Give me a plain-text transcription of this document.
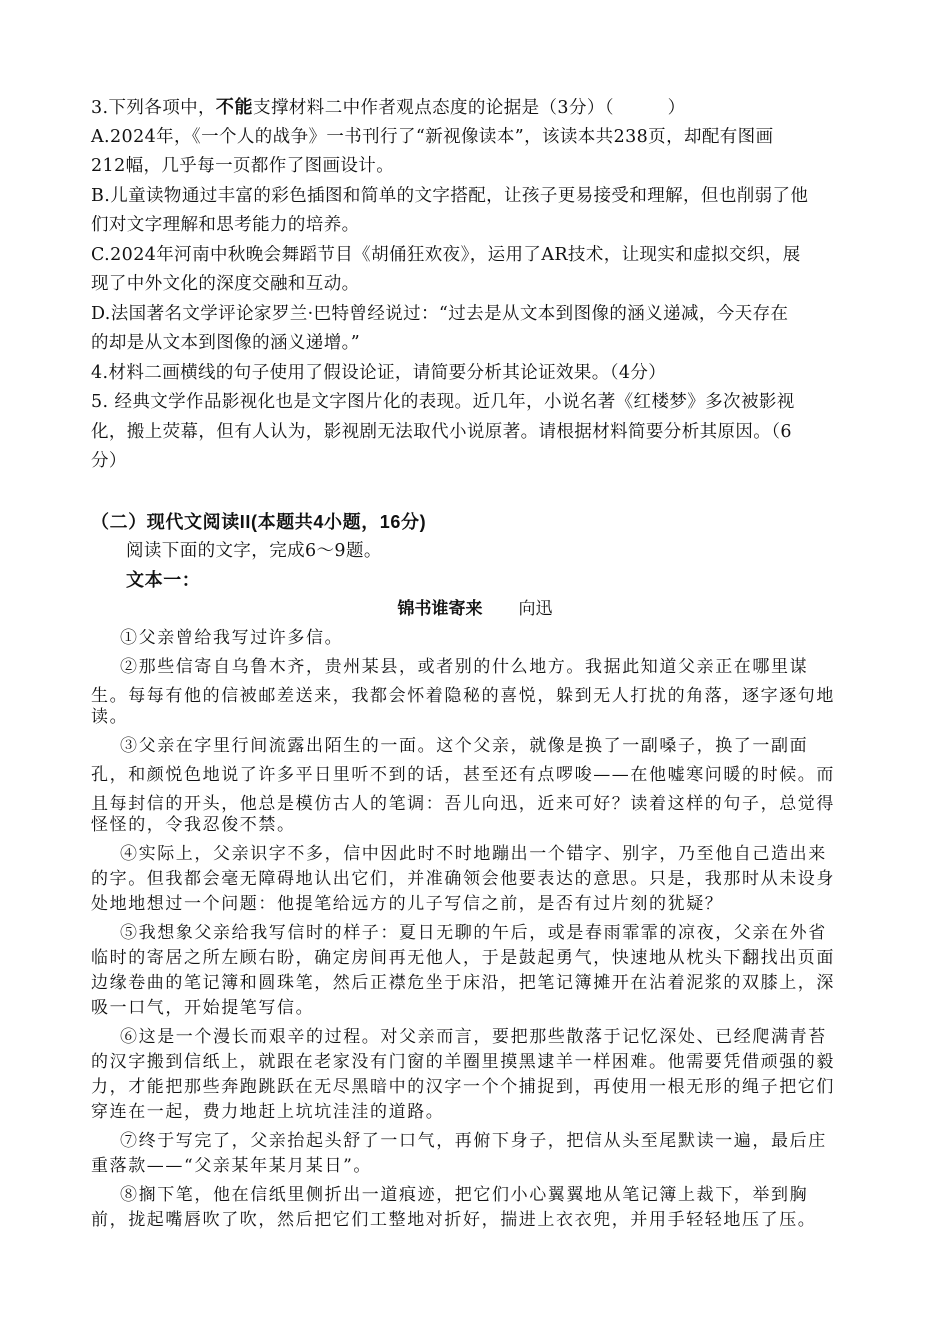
3.下列各项中，不能支撑材料二中作者观点态度的论据是（3分）（　　　）
A.2024年，《一个人的战争》一书刊行了“新视像读本”，该读本共238页，却配有图画
212幅，几乎每一页都作了图画设计。
B.儿童读物通过丰富的彩色插图和简单的文字搭配，让孩子更易接受和理解，但也削弱了他
们对文字理解和思考能力的培养。
C.2024年河南中秋晚会舞蹈节目《胡俑狂欢夜》，运用了AR技术，让现实和虚拟交织，展
现了中外文化的深度交融和互动。
D.法国著名文学评论家罗兰·巴特曾经说过：“过去是从文本到图像的涵义递减，今天存在
的却是从文本到图像的涵义递增。”
4.材料二画横线的句子使用了假设论证，请简要分析其论证效果。（4分）
5. 经典文学作品影视化也是文字图片化的表现。近几年，小说名著《红楼梦》多次被影视
化，搬上荧幕，但有人认为，影视剧无法取代小说原著。请根据材料简要分析其原因。（6
分）
（二）现代文阅读II(本题共4小题，16分)
阅读下面的文字，完成6～9题。
文本一：
锦书谁寄来 向迅
①父亲曾给我写过许多信。
②那些信寄自乌鲁木齐，贵州某县，或者别的什么地方。我据此知道父亲正在哪里谋
生。每每有他的信被邮差送来，我都会怀着隐秘的喜悦，躲到无人打扰的角落，逐字逐句地
读。
③父亲在字里行间流露出陌生的一面。这个父亲，就像是换了一副嗓子，换了一副面
孔，和颜悦色地说了许多平日里听不到的话，甚至还有点啰唆——在他嘘寒问暖的时候。而
且每封信的开头，他总是模仿古人的笔调：吾儿向迅，近来可好？读着这样的句子，总觉得
怪怪的，令我忍俊不禁。
④实际上，父亲识字不多，信中因此时不时地蹦出一个错字、别字，乃至他自己造出来
的字。但我都会毫无障碍地认出它们，并准确领会他要表达的意思。只是，我那时从未设身
处地地想过一个问题：他提笔给远方的儿子写信之前，是否有过片刻的犹疑？
⑤我想象父亲给我写信时的样子：夏日无聊的午后，或是春雨霏霏的凉夜，父亲在外省
临时的寄居之所左顾右盼，确定房间再无他人，于是鼓起勇气，快速地从枕头下翻找出页面
边缘卷曲的笔记簿和圆珠笔，然后正襟危坐于床沿，把笔记簿摊开在沾着泥浆的双膝上，深
吸一口气，开始提笔写信。
⑥这是一个漫长而艰辛的过程。对父亲而言，要把那些散落于记忆深处、已经爬满青苔
的汉字搬到信纸上，就跟在老家没有门窗的羊圈里摸黑逮羊一样困难。他需要凭借顽强的毅
力，才能把那些奔跑跳跃在无尽黑暗中的汉字一个个捕捉到，再使用一根无形的绳子把它们
穿连在一起，费力地赶上坑坑洼洼的道路。
⑦终于写完了，父亲抬起头舒了一口气，再俯下身子，把信从头至尾默读一遍，最后庄
重落款——“父亲某年某月某日”。
⑧搁下笔，他在信纸里侧折出一道痕迹，把它们小心翼翼地从笔记簿上裁下，举到胸
前，拢起嘴唇吹了吹，然后把它们工整地对折好，揣进上衣衣兜，并用手轻轻地压了压。
